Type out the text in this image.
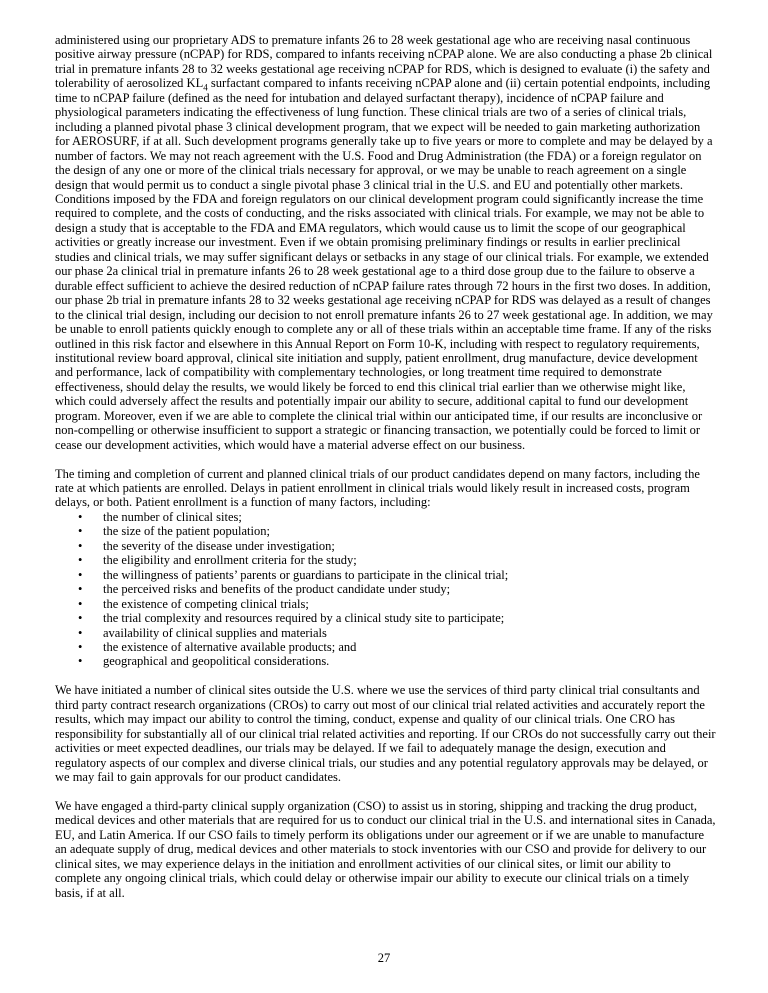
administered using our proprietary ADS to premature infants 26 to 28 week gestational age who are receiving nasal continuous positive airway pressure (nCPAP) for RDS, compared to infants receiving nCPAP alone. We are also conducting a phase 2b clinical trial in premature infants 28 to 32 weeks gestational age receiving nCPAP for RDS, which is designed to evaluate (i) the safety and tolerability of aerosolized $KL_4$ surfactant compared to infants receiving nCPAP alone and (ii) certain potential endpoints, including time to nCPAP failure (defined as the need for intubation and delayed surfactant therapy), incidence of nCPAP failure and physiological parameters indicating the effectiveness of lung function. These clinical trials are two of a series of clinical trials, including a planned pivotal phase 3 clinical development program, that we expect will be needed to gain marketing authorization for AEROSURF, if at all. Such development programs generally take up to five years or more to complete and may be delayed by a number of factors. We may not reach agreement with the U.S. Food and Drug Administration (the FDA) or a foreign regulator on the design of any one or more of the clinical trials necessary for approval, or we may be unable to reach agreement on a single design that would permit us to conduct a single pivotal phase 3 clinical trial in the U.S. and EU and potentially other markets. Conditions imposed by the FDA and foreign regulators on our clinical development program could significantly increase the time required to complete, and the costs of conducting, and the risks associated with clinical trials. For example, we may not be able to design a study that is acceptable to the FDA and EMA regulators, which would cause us to limit the scope of our geographical activities or greatly increase our investment. Even if we obtain promising preliminary findings or results in earlier preclinical studies and clinical trials, we may suffer significant delays or setbacks in any stage of our clinical trials. For example, we extended our phase 2a clinical trial in premature infants 26 to 28 week gestational age to a third dose group due to the failure to observe a durable effect sufficient to achieve the desired reduction of nCPAP failure rates through 72 hours in the first two doses. In addition, our phase 2b trial in premature infants 28 to 32 weeks gestational age receiving nCPAP for RDS was delayed as a result of changes to the clinical trial design, including our decision to not enroll premature infants 26 to 27 week gestational age. In addition, we may be unable to enroll patients quickly enough to complete any or all of these trials within an acceptable time frame. If any of the risks outlined in this risk factor and elsewhere in this Annual Report on Form 10-K, including with respect to regulatory requirements, institutional review board approval, clinical site initiation and supply, patient enrollment, drug manufacture, device development and performance, lack of compatibility with complementary technologies, or long treatment time required to demonstrate effectiveness, should delay the results, we would likely be forced to end this clinical trial earlier than we otherwise might like, which could adversely affect the results and potentially impair our ability to secure, additional capital to fund our development program. Moreover, even if we are able to complete the clinical trial within our anticipated time, if our results are inconclusive or non-compelling or otherwise insufficient to support a strategic or financing transaction, we potentially could be forced to limit or cease our development activities, which would have a material adverse effect on our business.

The timing and completion of current and planned clinical trials of our product candidates depend on many factors, including the rate at which patients are enrolled. Delays in patient enrollment in clinical trials would likely result in increased costs, program delays, or both. Patient enrollment is a function of many factors, including:

• the number of clinical sites;
• the size of the patient population;
• the severity of the disease under investigation;
• the eligibility and enrollment criteria for the study;
• the willingness of patients’ parents or guardians to participate in the clinical trial;
• the perceived risks and benefits of the product candidate under study;
• the existence of competing clinical trials;
• the trial complexity and resources required by a clinical study site to participate;
• availability of clinical supplies and materials
• the existence of alternative available products; and
• geographical and geopolitical considerations.

We have initiated a number of clinical sites outside the U.S. where we use the services of third party clinical trial consultants and third party contract research organizations (CROs) to carry out most of our clinical trial related activities and accurately report the results, which may impact our ability to control the timing, conduct, expense and quality of our clinical trials. One CRO has responsibility for substantially all of our clinical trial related activities and reporting. If our CROs do not successfully carry out their activities or meet expected deadlines, our trials may be delayed. If we fail to adequately manage the design, execution and regulatory aspects of our complex and diverse clinical trials, our studies and any potential regulatory approvals may be delayed, or we may fail to gain approvals for our product candidates.

We have engaged a third-party clinical supply organization (CSO) to assist us in storing, shipping and tracking the drug product, medical devices and other materials that are required for us to conduct our clinical trial in the U.S. and international sites in Canada, EU, and Latin America. If our CSO fails to timely perform its obligations under our agreement or if we are unable to manufacture an adequate supply of drug, medical devices and other materials to stock inventories with our CSO and provide for delivery to our clinical sites, we may experience delays in the initiation and enrollment activities of our clinical sites, or limit our ability to complete any ongoing clinical trials, which could delay or otherwise impair our ability to execute our clinical trials on a timely basis, if at all.

27
